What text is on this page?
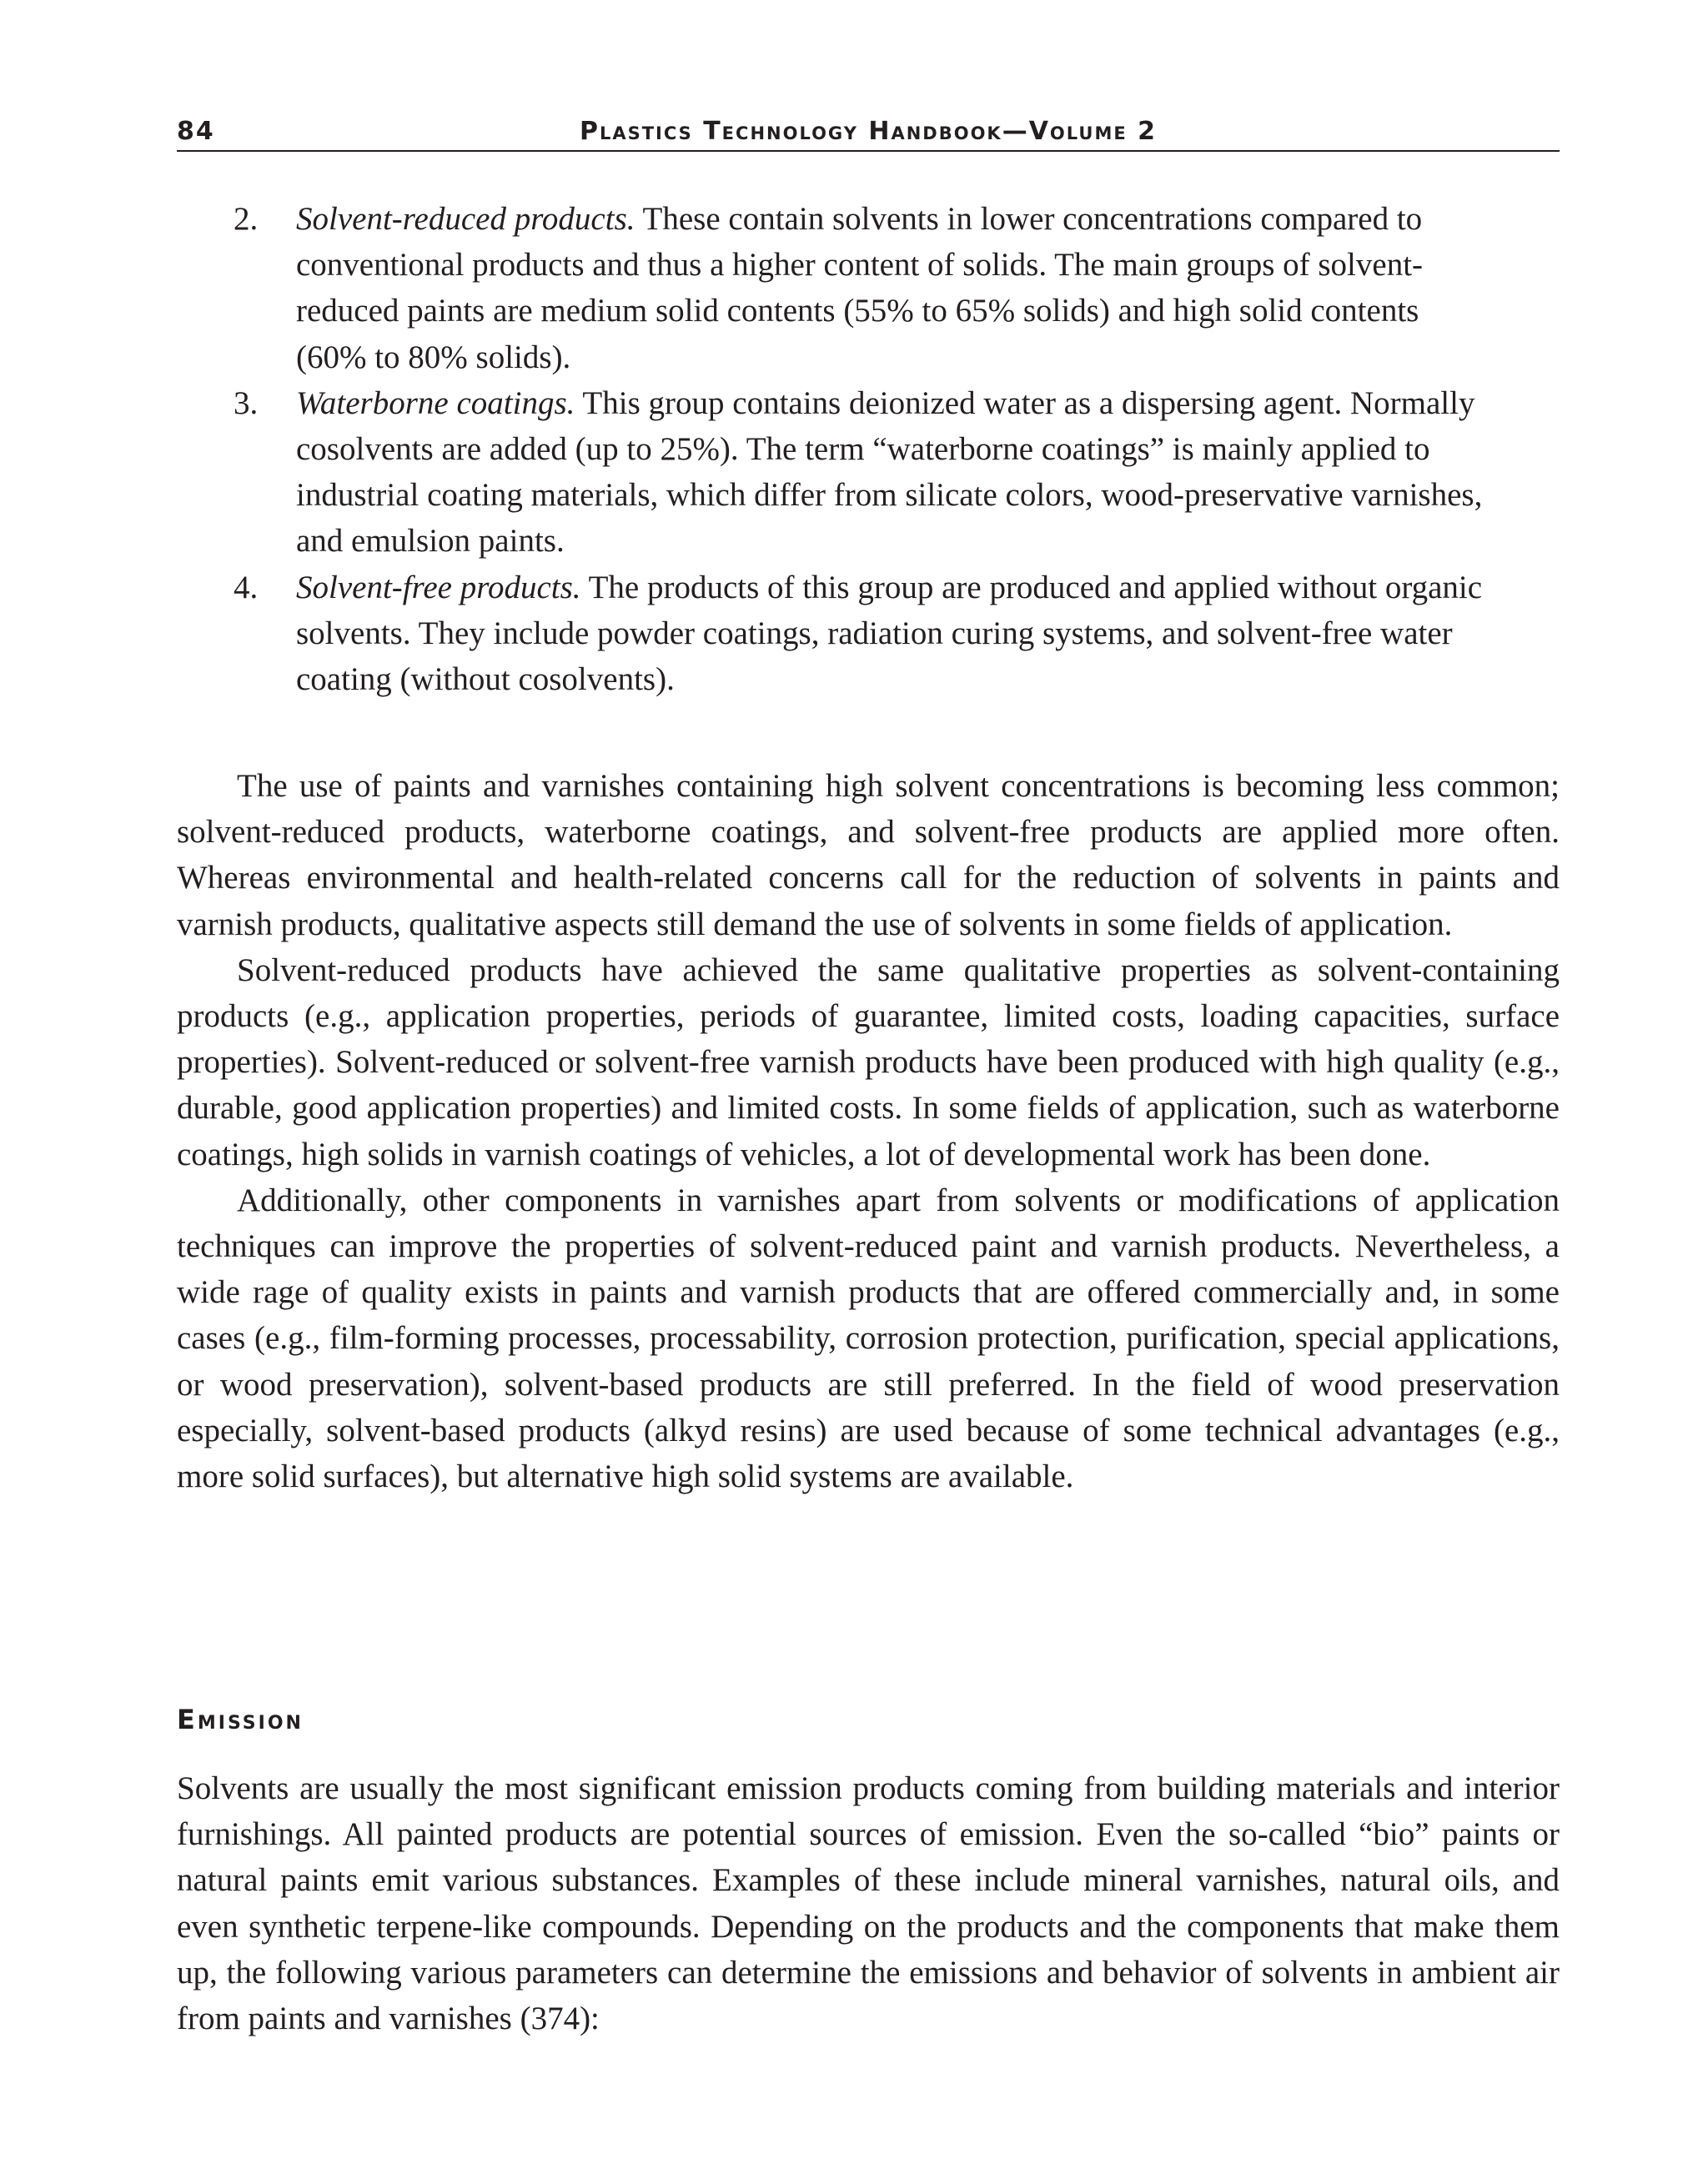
84	Plastics Technology Handbook—Volume 2
2. Solvent-reduced products. These contain solvents in lower concentrations compared to conventional products and thus a higher content of solids. The main groups of solvent-reduced paints are medium solid contents (55% to 65% solids) and high solid contents (60% to 80% solids).
3. Waterborne coatings. This group contains deionized water as a dispersing agent. Normally cosolvents are added (up to 25%). The term “waterborne coatings” is mainly applied to industrial coating materials, which differ from silicate colors, wood-preservative varnishes, and emulsion paints.
4. Solvent-free products. The products of this group are produced and applied without organic solvents. They include powder coatings, radiation curing systems, and solvent-free water coating (without cosolvents).

The use of paints and varnishes containing high solvent concentrations is becoming less common; solvent-reduced products, waterborne coatings, and solvent-free products are applied more often. Whereas environmental and health-related concerns call for the reduction of solvents in paints and varnish products, qualitative aspects still demand the use of solvents in some fields of application.

Solvent-reduced products have achieved the same qualitative properties as solvent-containing products (e.g., application properties, periods of guarantee, limited costs, loading capacities, surface properties). Solvent-reduced or solvent-free varnish products have been produced with high quality (e.g., durable, good application properties) and limited costs. In some fields of application, such as waterborne coatings, high solids in varnish coatings of vehicles, a lot of developmental work has been done.

Additionally, other components in varnishes apart from solvents or modifications of application techniques can improve the properties of solvent-reduced paint and varnish products. Nevertheless, a wide rage of quality exists in paints and varnish products that are offered commercially and, in some cases (e.g., film-forming processes, processability, corrosion protection, purification, special applications, or wood preservation), solvent-based products are still preferred. In the field of wood preservation especially, solvent-based products (alkyd resins) are used because of some technical advantages (e.g., more solid surfaces), but alternative high solid systems are available.

Emission

Solvents are usually the most significant emission products coming from building materials and interior furnishings. All painted products are potential sources of emission. Even the so-called “bio” paints or natural paints emit various substances. Examples of these include mineral varnishes, natural oils, and even synthetic terpene-like compounds. Depending on the products and the components that make them up, the following various parameters can determine the emissions and behavior of solvents in ambient air from paints and varnishes (374):
